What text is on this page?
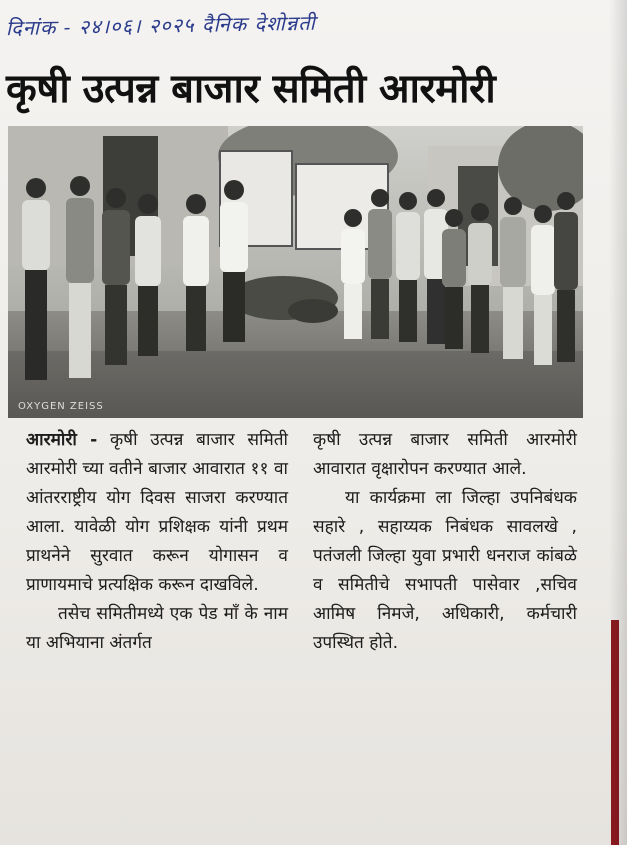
दिनांक - २४।०६। २०२५ दैनिक देशोन्नती
कृषी उत्पन्न बाजार समिती आरमोरी
OXYGEN ZEISS

आरमोरी - कृषी उत्पन्न बाजार समिती आरमोरी च्या वतीने बाजार आवारात ११ वा आंतरराष्ट्रीय योग दिवस साजरा करण्यात आला. यावेळी योग प्रशिक्षक यांनी प्रथम प्राथनेने सुरवात करून योगासन व प्राणायमाचे प्रत्यक्षिक करून दाखविले.

तसेच समितीमध्ये एक पेड माँ के नाम या अभियाना अंतर्गत

कृषी उत्पन्न बाजार समिती आरमोरी आवारात वृक्षारोपन करण्यात आले.

या कार्यक्रमा ला जिल्हा उपनिबंधक सहारे , सहाय्यक निबंधक सावलखे , पतंजली जिल्हा युवा प्रभारी धनराज कांबळे व समितीचे सभापती पासेवार ,सचिव आमिष निमजे, अधिकारी, कर्मचारी उपस्थित होते.
